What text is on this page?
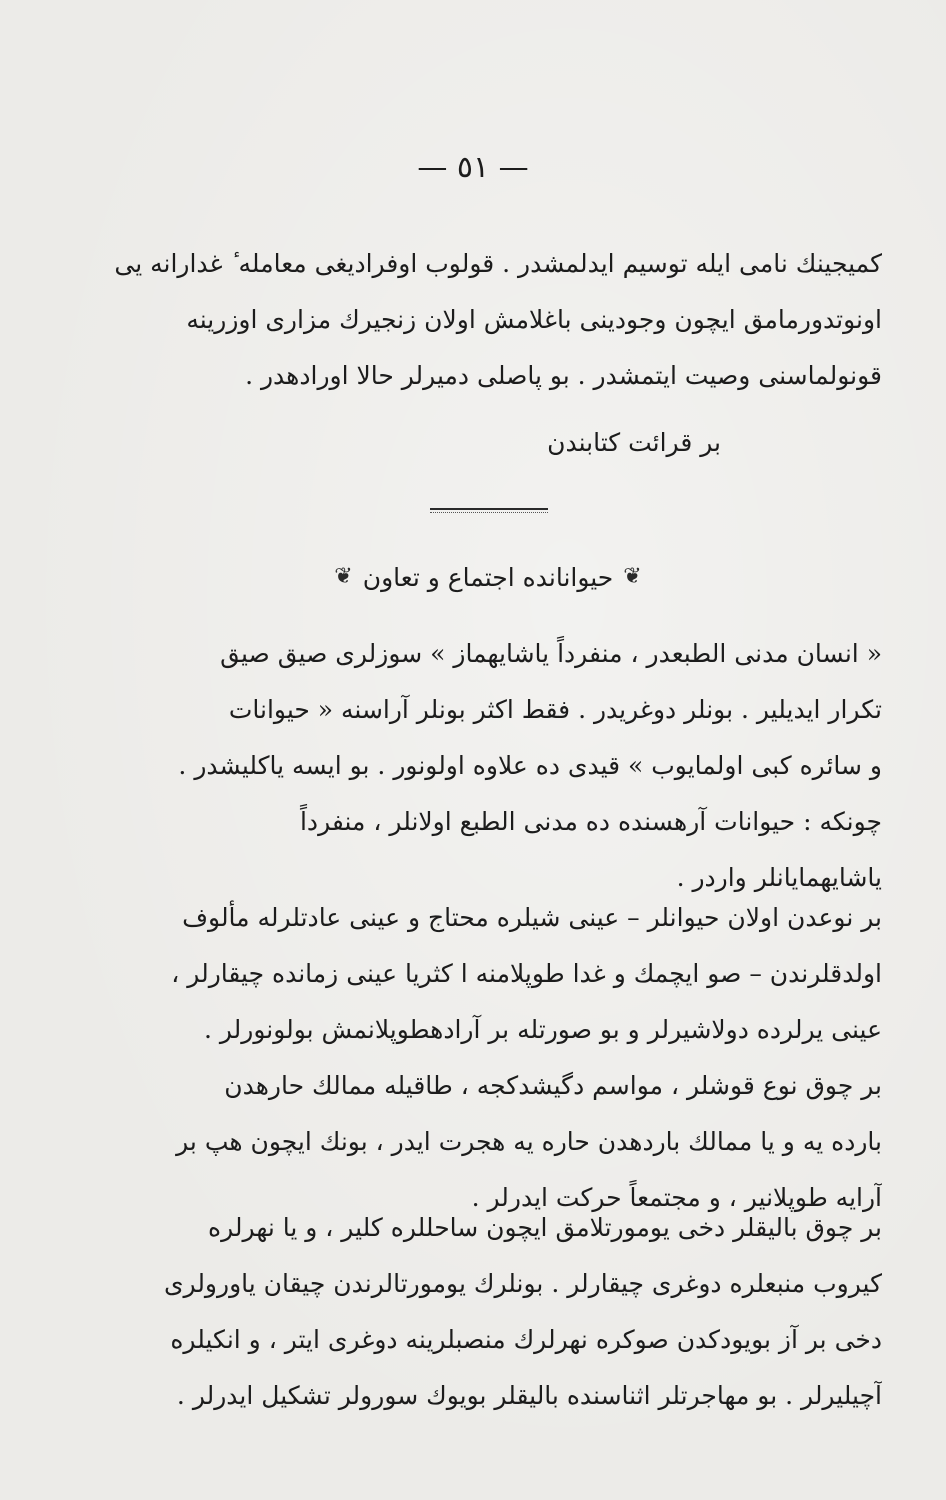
— ٥١ —
کمیجینك نامی ایله توسیم ایدلمشدر . قولوب اوفرادیغی معامله ٔ غدارانه یی
اونوتدورمامق ایچون وجودینی باغلامش اولان زنجیرك مزاری اوزرینه
قونولماسنی وصیت ایتمشدر . بو پاصلی دمیرلر حالا اورادهدر .
بر قرائت کتابندن
❦
حیوانانده اجتماع و تعاون
❦
« انسان مدنی الطبعدر ، منفرداً یاشایهماز » سوزلری صیق صیق
تکرار ایدیلیر . بونلر دوغریدر . فقط اکثر بونلر آراسنه « حیوانات
و سائره کبی اولمایوب » قیدی ده علاوه اولونور . بو ایسه یاکلیشدر .
چونکه : حیوانات آرهسنده ده مدنی الطبع اولانلر ، منفرداً
یاشایهمایانلر واردر .
بر نوعدن اولان حیوانلر – عینی شیلره محتاج و عینی عادتلرله مألوف
اولدقلرندن – صو ایچمك و غدا طوپلامنه ا کثریا عینی زمانده چیقارلر ،
عینی یرلرده دولاشیرلر و بو صورتله بر آرادهطوپلانمش بولونورلر .
بر چوق نوع قوشلر ، مواسم دگیشدکجه ، طاقیله ممالك حارهدن
بارده یه و یا ممالك باردهدن حاره یه هجرت ایدر ، بونك ایچون هپ بر
آرایه طوپلانیر ، و مجتمعاً حرکت ایدرلر .
بر چوق بالیقلر دخی یومورتلامق ایچون ساحللره کلیر ، و یا نهرلره
کیروب منبعلره دوغری چیقارلر . بونلرك یومورتالرندن چیقان یاورولری
دخی بر آز بویودکدن صوکره نهرلرك منصبلرینه دوغری ایتر ، و انکیلره
آچیلیرلر . بو مهاجرتلر اثناسنده بالیقلر بویوك سورولر تشکیل ایدرلر .
